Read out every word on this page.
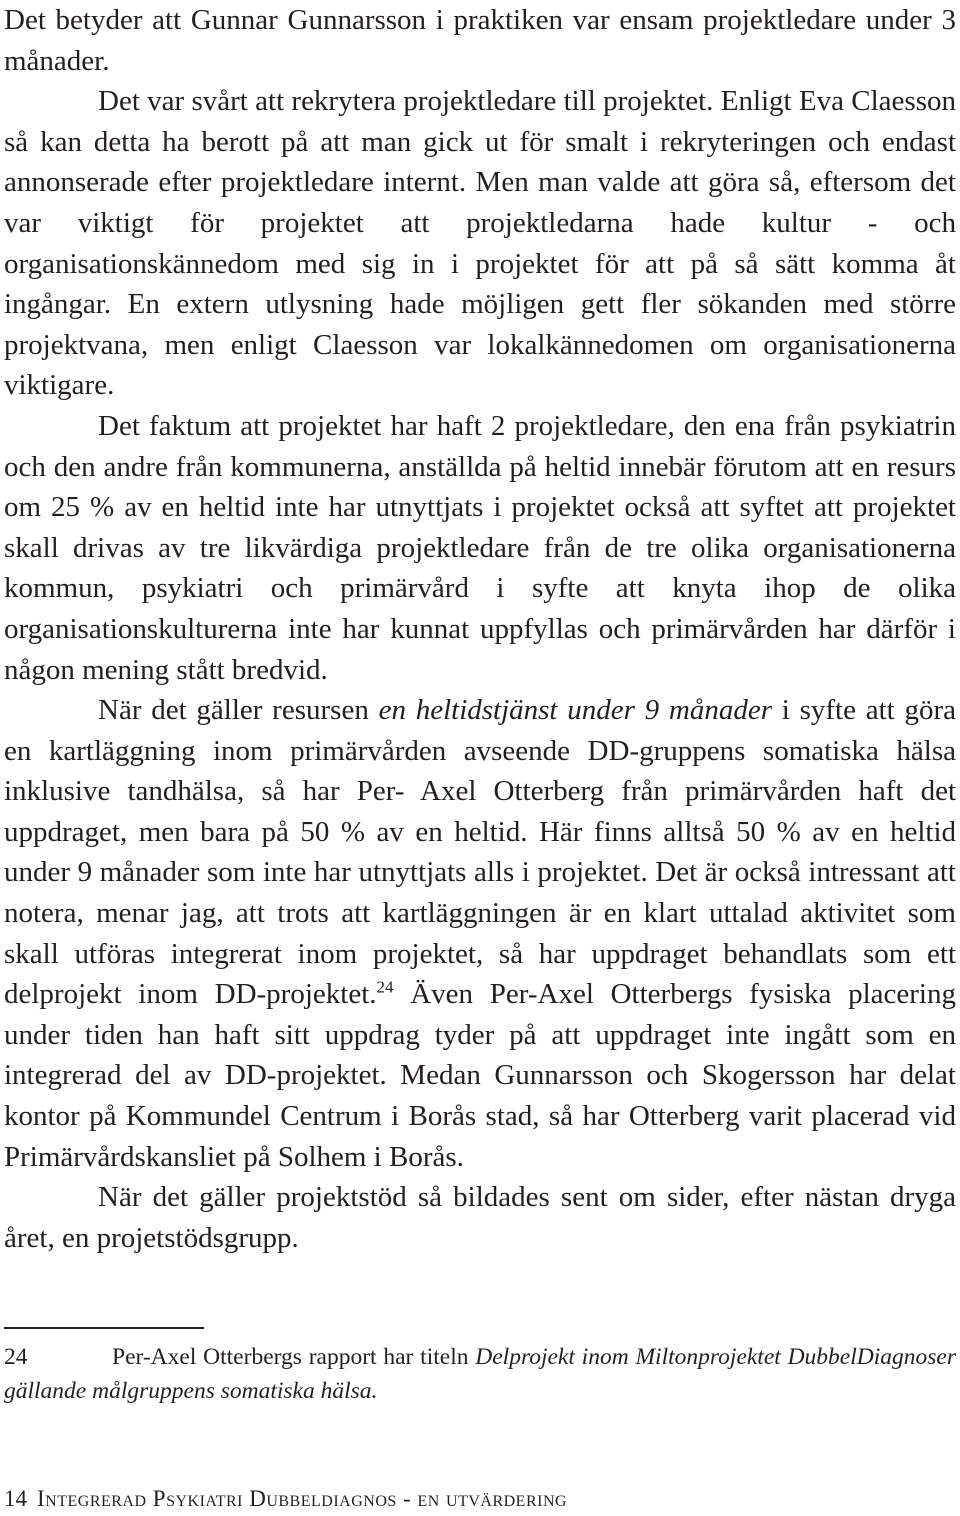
Det betyder att Gunnar Gunnarsson i praktiken var ensam projektledare under 3 månader.

Det var svårt att rekrytera projektledare till projektet. Enligt Eva Claesson så kan detta ha berott på att man gick ut för smalt i rekryteringen och endast annonserade efter projektledare internt. Men man valde att göra så, eftersom det var viktigt för projektet att projektledarna hade kultur - och organisationskännedom med sig in i projektet för att på så sätt komma åt ingångar. En extern utlysning hade möjligen gett fler sökanden med större projektvana, men enligt Claesson var lokalkännedomen om organisationerna viktigare.

Det faktum att projektet har haft 2 projektledare, den ena från psykiatrin och den andre från kommunerna, anställda på heltid innebär förutom att en resurs om 25 % av en heltid inte har utnyttjats i projektet också att syftet att projektet skall drivas av tre likvärdiga projektledare från de tre olika organisationerna kommun, psykiatri och primärvård i syfte att knyta ihop de olika organisationskulturerna inte har kunnat uppfyllas och primärvården har därför i någon mening stått bredvid.

När det gäller resursen en heltidstjänst under 9 månader i syfte att göra en kartläggning inom primärvården avseende DD-gruppens somatiska hälsa inklusive tandhälsa, så har Per- Axel Otterberg från primärvården haft det uppdraget, men bara på 50 % av en heltid. Här finns alltså 50 % av en heltid under 9 månader som inte har utnyttjats alls i projektet. Det är också intressant att notera, menar jag, att trots att kartläggningen är en klart uttalad aktivitet som skall utföras integrerat inom projektet, så har uppdraget behandlats som ett delprojekt inom DD-projektet.$^{24}$ Även Per-Axel Otterbergs fysiska placering under tiden han haft sitt uppdrag tyder på att uppdraget inte ingått som en integrerad del av DD-projektet. Medan Gunnarsson och Skogersson har delat kontor på Kommundel Centrum i Borås stad, så har Otterberg varit placerad vid Primärvårdskansliet på Solhem i Borås.

När det gäller projektstöd så bildades sent om sider, efter nästan dryga året, en projetstödsgrupp.

24	Per-Axel Otterbergs rapport har titeln Delprojekt inom Miltonprojektet DubbelDiagnoser gällande målgruppens somatiska hälsa.
14 Integrerad Psykiatri Dubbeldiagnos - en utvärdering
